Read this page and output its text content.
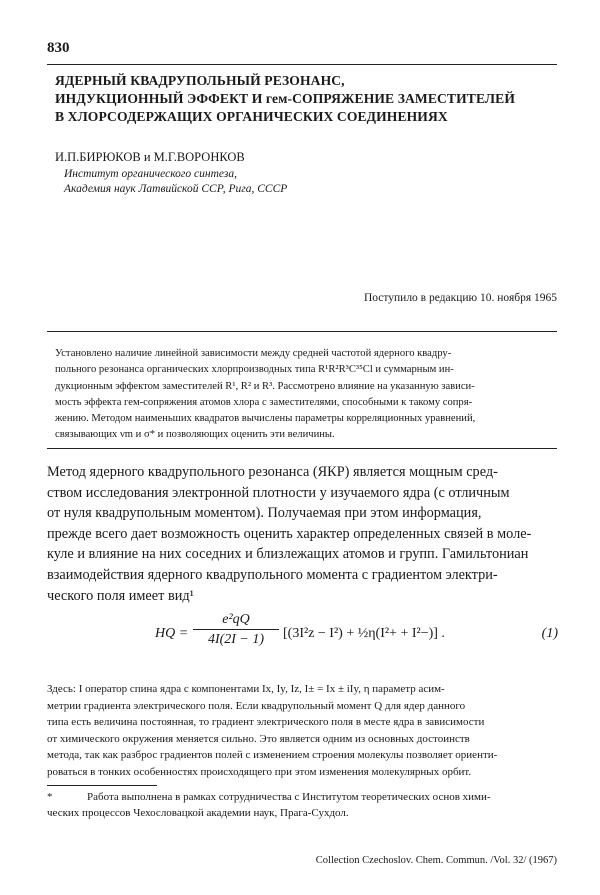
830
ЯДЕРНЫЙ КВАДРУПОЛЬНЫЙ РЕЗОНАНС,
ИНДУКЦИОННЫЙ ЭФФЕКТ И гем-СОПРЯЖЕНИЕ ЗАМЕСТИТЕЛЕЙ
В ХЛОРСОДЕРЖАЩИХ ОРГАНИЧЕСКИХ СОЕДИНЕНИЯХ
И.П.БИРЮКОВ и М.Г.ВОРОНКОВ
Институт органического синтеза,
Академия наук Латвийской ССР, Рига, СССР
Поступило в редакцию 10. ноября 1965
Установлено наличие линейной зависимости между средней частотой ядерного квадру-
польного резонанса органических хлорпроизводных типа R¹R²R³C³⁵Cl и суммарным ин-
дукционным эффектом заместителей R¹, R² и R³. Рассмотрено влияние на указанную зависи-
мость эффекта гем-сопряжения атомов хлора с заместителями, способными к такому сопря-
жению. Методом наименьших квадратов вычислены параметры корреляционных уравнений,
связывающих νm и σ* и позволяющих оценить эти величины.
Метод ядерного квадрупольного резонанса (ЯКР) является мощным сред-
ством исследования электронной плотности у изучаемого ядра (с отличным
от нуля квадрупольным моментом). Получаемая при этом информация,
прежде всего дает возможность оценить характер определенных связей в моле-
куле и влияние на них соседних и близлежащих атомов и групп. Гамильтониан
взаимодействия ядерного квадрупольного момента с градиентом электри-
ческого поля имеет вид¹
HQ = $\frac{\text{e²qQ}}{4I(2I - 1)} [(3I^2z - I^2)$ + ½η(I²+ + I²−)] .	(1)
Здесь: I оператор спина ядра с компонентами Ix, Iy, Iz, I± = Ix ± iIy, η параметр асим-
метрии градиента электрического поля. Если квадрупольный момент Q для ядер данного
типа есть величина постоянная, то градиент электрического поля в месте ядра в зависимости
от химического окружения меняется сильно. Это является одним из основных достоинств
метода, так как разброс градиентов полей с изменением строения молекулы позволяет ориенти-
роваться в тонких особенностях происходящего при этом изменения молекулярных орбит.
*	Работа выполнена в рамках сотрудничества с Институтом теоретических основ хими-
ческих процессов Чехословацкой академии наук, Прага-Сухдол.
Collection Czechoslov. Chem. Commun. /Vol. 32/ (1967)
